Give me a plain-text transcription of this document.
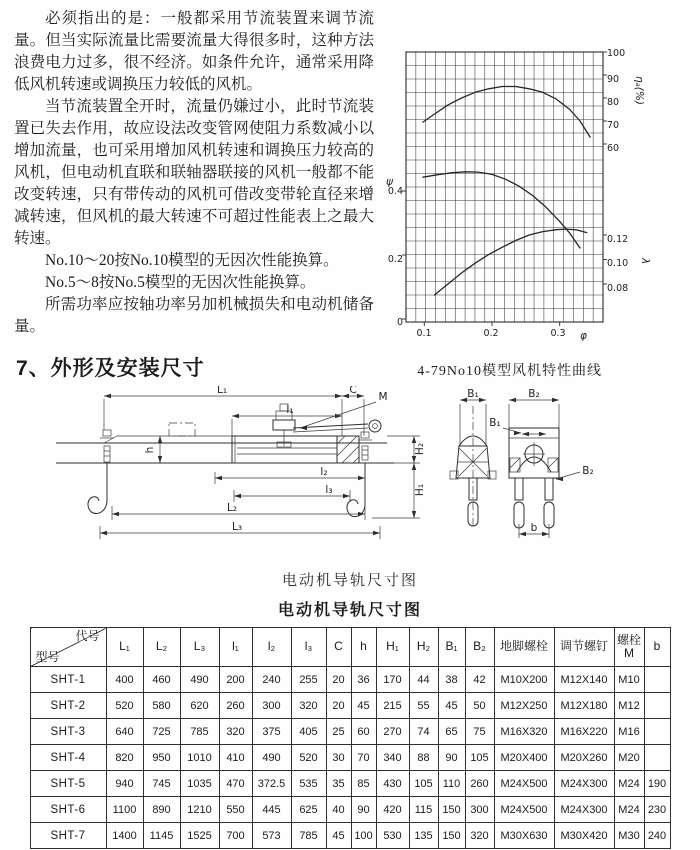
必须指出的是：一般都采用节流装置来调节流量。但当实际流量比需要流量大得很多时，这种方法浪费电力过多，很不经济。如条件允许，通常采用降低风机转速或调换压力较低的风机。

当节流装置全开时，流量仍嫌过小，此时节流装置已失去作用，故应设法改变管网使阻力系数减小以增加流量，也可采用增加风机转速和调换压力较高的风机，但电动机直联和联轴器联接的风机一般都不能改变转速，只有带传动的风机可借改变带轮直径来增减转速，但风机的最大转速不可超过性能表上之最大转速。

No.10～20按No.10模型的无因次性能换算。

No.5～8按No.5模型的无因次性能换算。

所需功率应按轴功率另加机械损失和电动机储备量。

ψ
0.4
0.2
0
100
90
80
70
60
ηₐ(%)
0.12
0.10
0.08
λ
0.1	0.2	0.3 φ
7、外形及安装尺寸	4-79No10模型风机特性曲线
L₁	C
l₁
h
l₂
l₃
L₂
L₃
H₂
H₁
B₁	B₂
b
M
B₁
B₂
电动机导轨尺寸图
电动机导轨尺寸图
代号
型号	L₁	L₂	L₃	l₁	l₂	l₃	C	h	H₁	H₂	B₁	B₂	地脚螺栓	调节螺钉	螺栓M	b
SHT-1	400	460	490	200	240	255	20	36	170	44	38	42	M10X200	M12X140	M10	
SHT-2	520	580	620	260	300	320	20	45	215	55	45	50	M12X250	M12X180	M12	
SHT-3	640	725	785	320	375	405	25	60	270	74	65	75	M16X320	M16X220	M16	
SHT-4	820	950	1010	410	490	520	30	70	340	88	90	105	M20X400	M20X260	M20	
SHT-5	940	745	1035	470	372.5	535	35	85	430	105	110	260	M24X500	M24X300	M24	190
SHT-6	1100	890	1210	550	445	625	40	90	420	115	150	300	M24X500	M24X300	M24	230
SHT-7	1400	1145	1525	700	573	785	45	100	530	135	150	320	M30X630	M30X420	M30	240
